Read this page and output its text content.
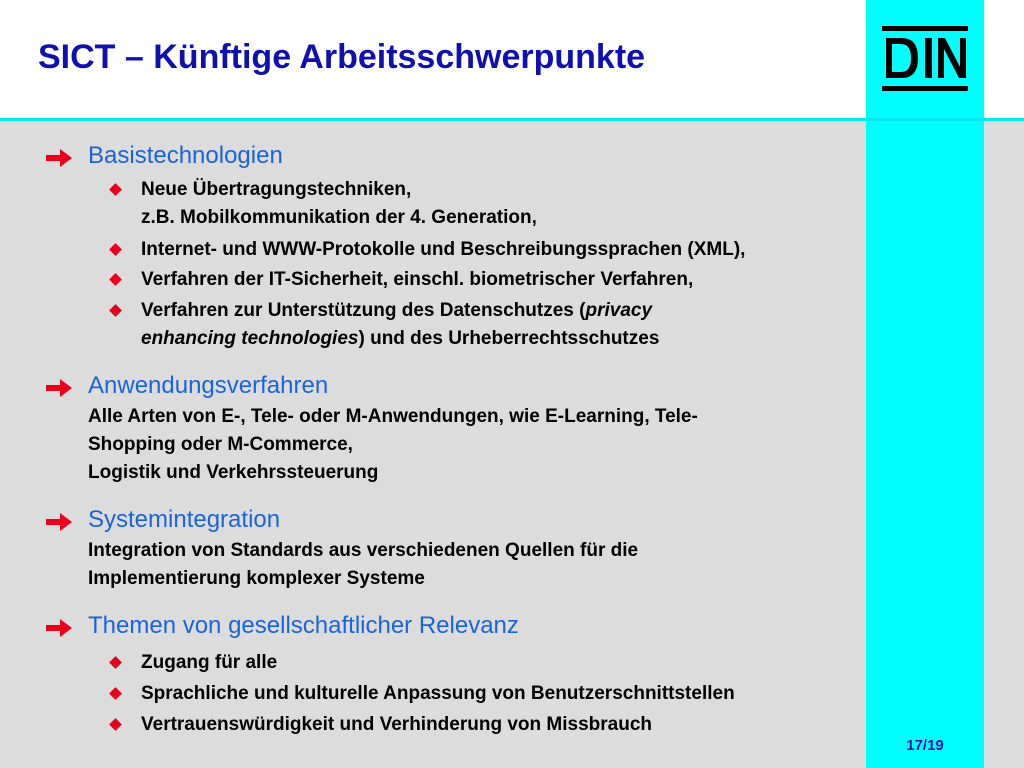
SICT – Künftige Arbeitsschwerpunkte
17/19
Basistechnologien
Neue Übertragungstechniken,
z.B. Mobilkommunikation der 4. Generation,
Internet- und WWW-Protokolle und Beschreibungssprachen (XML),
Verfahren der IT-Sicherheit, einschl. biometrischer Verfahren,
Verfahren zur Unterstützung des Datenschutzes (privacy
enhancing technologies) und des Urheberrechtsschutzes
Anwendungsverfahren
Alle Arten von E-, Tele- oder M-Anwendungen, wie E-Learning, Tele-
Shopping oder M-Commerce,
Logistik und Verkehrssteuerung
Systemintegration
Integration von Standards aus verschiedenen Quellen für die
Implementierung komplexer Systeme
Themen von gesellschaftlicher Relevanz
Zugang für alle
Sprachliche und kulturelle Anpassung von Benutzerschnittstellen
Vertrauenswürdigkeit und Verhinderung von Missbrauch
